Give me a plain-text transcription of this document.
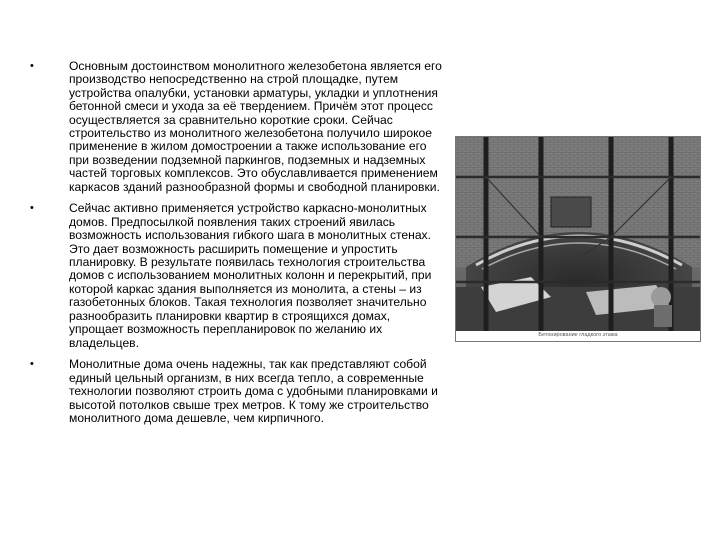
•	Основным достоинством монолитного железобетона является его производство непосредственно на строй площадке, путем устройства опалубки, установки арматуры, укладки и уплотнения бетонной смеси и ухода за её твердением. Причём этот процесс осуществляется за сравнительно короткие сроки. Сейчас строительство из монолитного железобетона получило широкое применение в жилом домостроении а также использование его при возведении подземной паркингов, подземных и надземных частей торговых комплексов. Это обуславливается применением каркасов зданий разнообразной формы и свободной планировки.
•	Сейчас активно применяется устройство каркасно-монолитных домов. Предпосылкой появления таких строений явилась возможность использования гибкого шага в монолитных стенах. Это дает возможность расширить помещение и упростить планировку. В результате появилась технология строительства домов с использованием монолитных колонн и перекрытий, при которой каркас здания выполняется из монолита, а стены – из газобетонных блоков. Такая технология позволяет значительно разнообразить планировки квартир в строящихся домах, упрощает возможность перепланировок по желанию их владельцев.
•	Монолитные дома очень надежны, так как представляют собой единый цельный организм, в них всегда тепло, а современные технологии позволяют строить дома с удобными планировками и высотой потолков свыше трех метров. К тому же строительство монолитного дома дешевле, чем кирпичного.
Бетонирование гладкого этажа
